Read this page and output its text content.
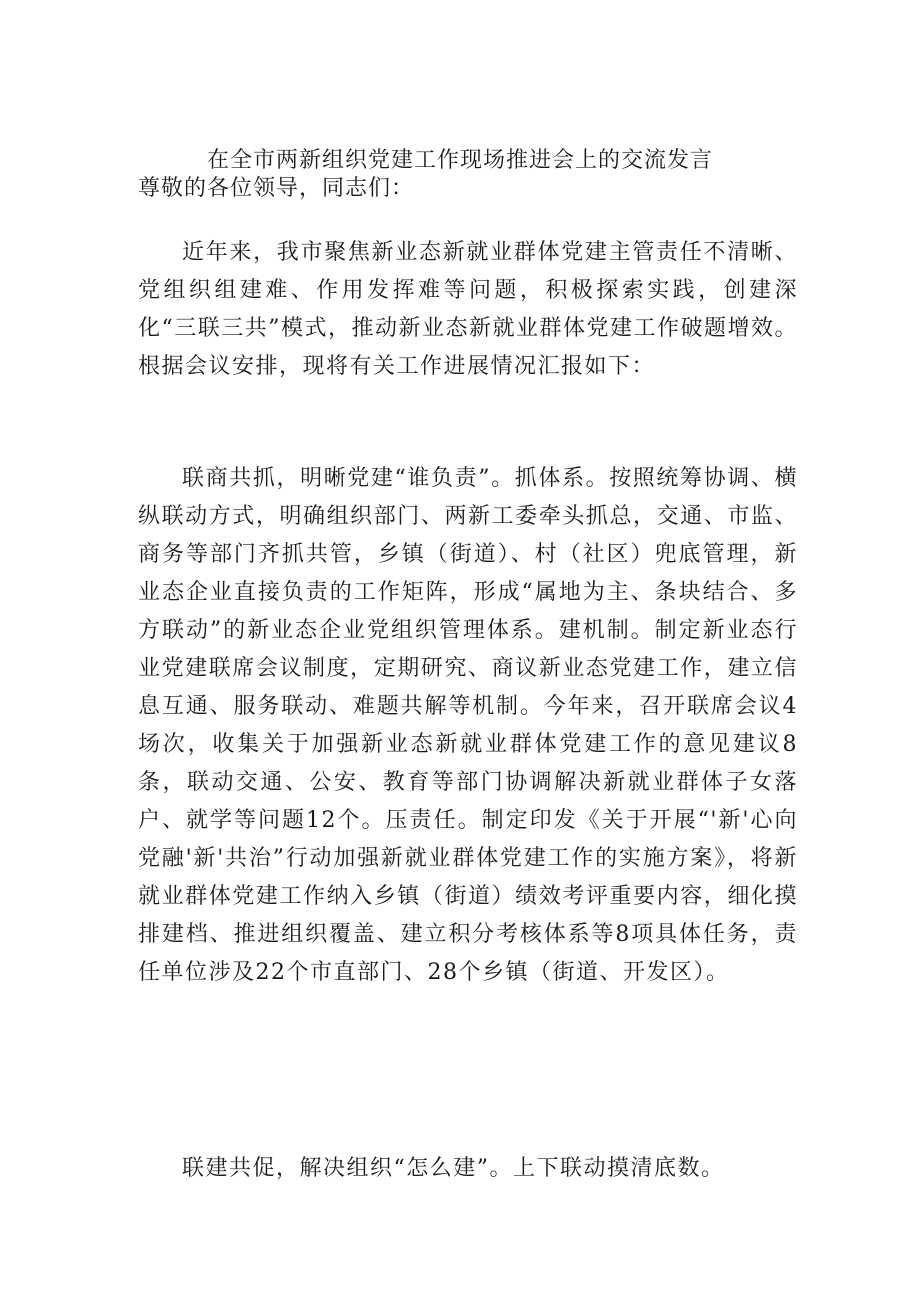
在全市两新组织党建工作现场推进会上的交流发言

尊敬的各位领导，同志们：

近年来，我市聚焦新业态新就业群体党建主管责任不清晰、党组织组建难、作用发挥难等问题，积极探索实践，创建深化“三联三共”模式，推动新业态新就业群体党建工作破题增效。根据会议安排，现将有关工作进展情况汇报如下：

联商共抓，明晰党建“谁负责”。抓体系。按照统筹协调、横纵联动方式，明确组织部门、两新工委牵头抓总，交通、市监、商务等部门齐抓共管，乡镇（街道）、村（社区）兜底管理，新业态企业直接负责的工作矩阵，形成“属地为主、条块结合、多方联动”的新业态企业党组织管理体系。建机制。制定新业态行业党建联席会议制度，定期研究、商议新业态党建工作，建立信息互通、服务联动、难题共解等机制。今年来，召开联席会议4场次，收集关于加强新业态新就业群体党建工作的意见建议8条，联动交通、公安、教育等部门协调解决新就业群体子女落户、就学等问题12个。压责任。制定印发《关于开展“'新'心向党融'新'共治”行动加强新就业群体党建工作的实施方案》，将新就业群体党建工作纳入乡镇（街道）绩效考评重要内容，细化摸排建档、推进组织覆盖、建立积分考核体系等8项具体任务，责任单位涉及22个市直部门、28个乡镇（街道、开发区）。

联建共促，解决组织“怎么建”。上下联动摸清底数。
